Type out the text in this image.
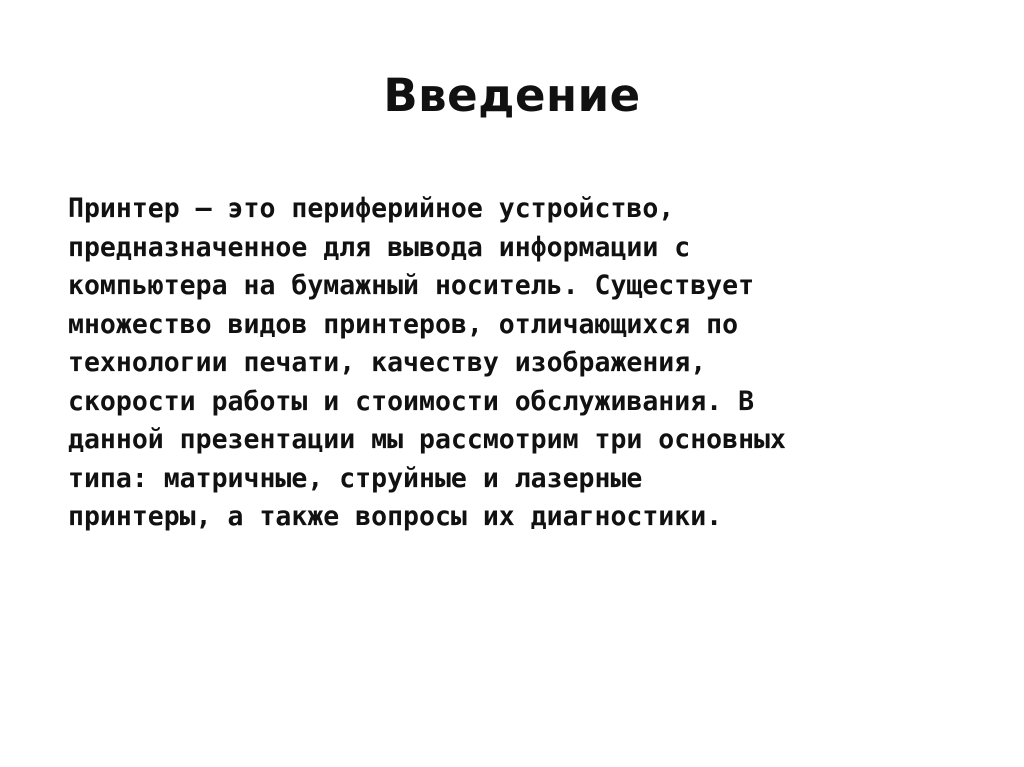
Введение
Принтер – это периферийное устройство,
предназначенное для вывода информации с
компьютера на бумажный носитель. Существует
множество видов принтеров, отличающихся по
технологии печати, качеству изображения,
скорости работы и стоимости обслуживания. В
данной презентации мы рассмотрим три основных
типа: матричные, струйные и лазерные
принтеры, а также вопросы их диагностики.
